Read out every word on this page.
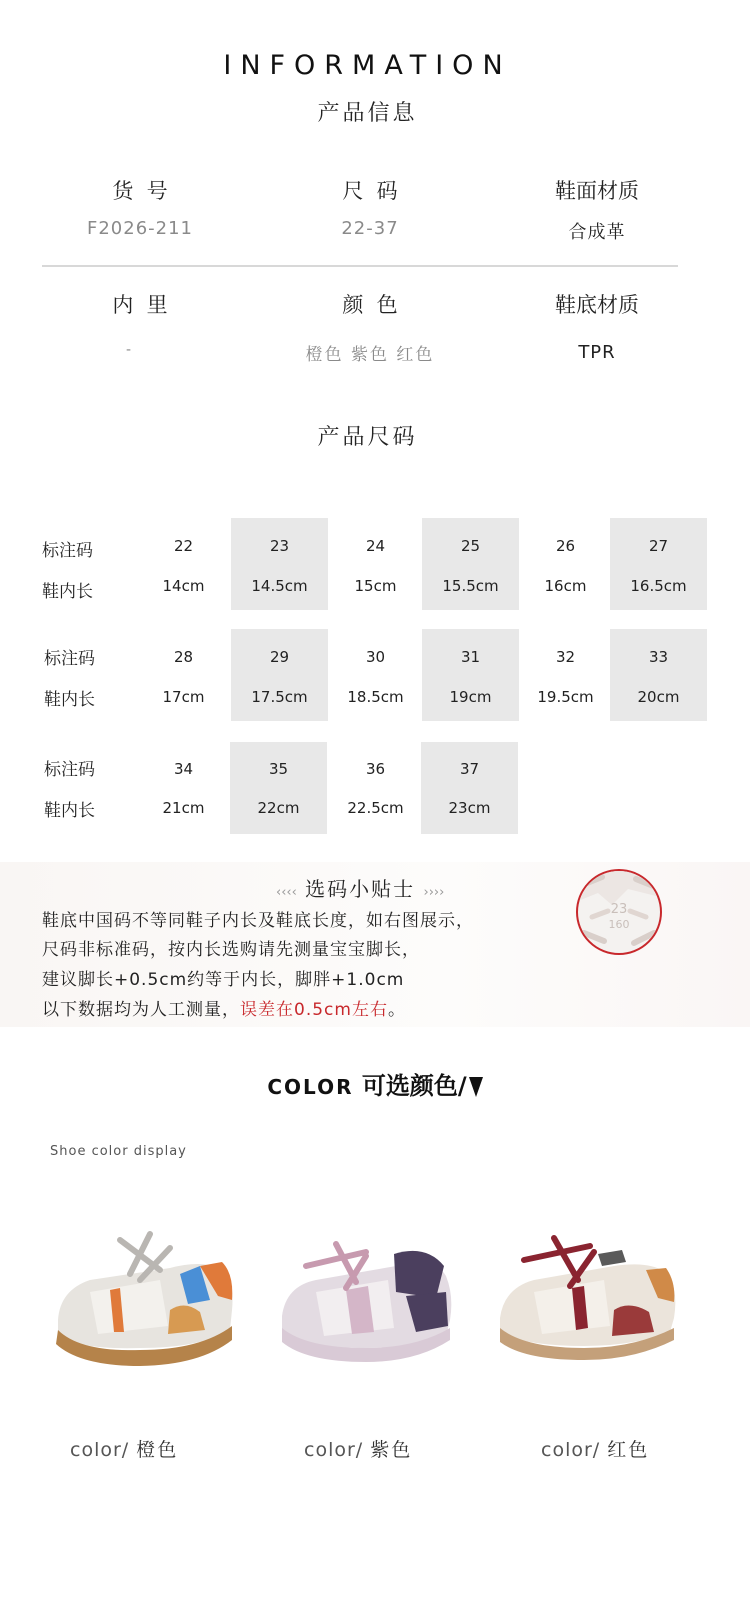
INFORMATION
产品信息
货  号
F2026-211
尺  码
22-37
鞋面材质
合成革
内  里
-
颜  色
橙色 紫色 红色
鞋底材质
TPR
产品尺码
标注码
鞋内长
22
14cm
23
14.5cm
24
15cm
25
15.5cm
26
16cm
27
16.5cm
标注码
鞋内长
28
17cm
29
17.5cm
30
18.5cm
31
19cm
32
19.5cm
33
20cm
标注码
鞋内长
34
21cm
35
22cm
36
22.5cm
37
23cm
‹‹‹‹ 选码小贴士 ››››
鞋底中国码不等同鞋子内长及鞋底长度，如右图展示，
尺码非标准码，按内长选购请先测量宝宝脚长，
建议脚长+0.5cm约等于内长，脚胖+1.0cm
以下数据均为人工测量，误差在0.5cm左右。
23
160
COLOR 可选颜色/
Shoe color display
color/ 橙色	color/ 紫色	color/ 红色
